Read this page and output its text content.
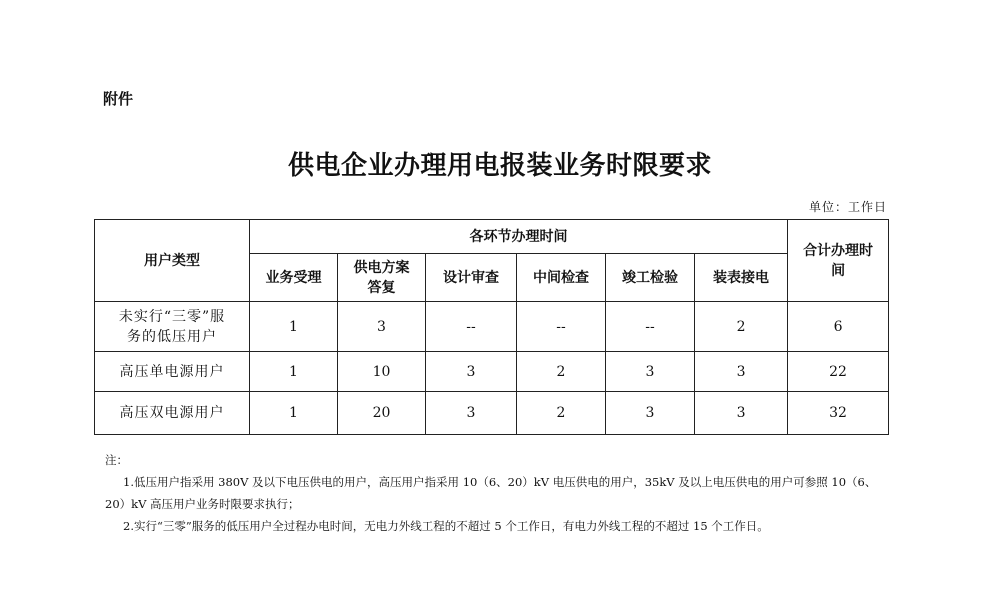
附件
供电企业办理用电报装业务时限要求
单位：工作日
用户类型	各环节办理时间						合计办理时
间

	业务受理	供电方案
答复	设计审查	中间检查	竣工检验	装表接电	

未实行“三零”服
务的低压用户	1	3	--	--	--	2	6
高压单电源用户	1	10	3	2	3	3	22
高压双电源用户	1	20	3	2	3	3	32

注：

1.低压用户指采用 380V 及以下电压供电的用户，高压用户指采用 10（6、20）kV 电压供电的用户，35kV 及以上电压供电的用户可参照 10（6、20）kV 高压用户业务时限要求执行；

2.实行“三零”服务的低压用户全过程办电时间，无电力外线工程的不超过 5 个工作日，有电力外线工程的不超过 15 个工作日。
